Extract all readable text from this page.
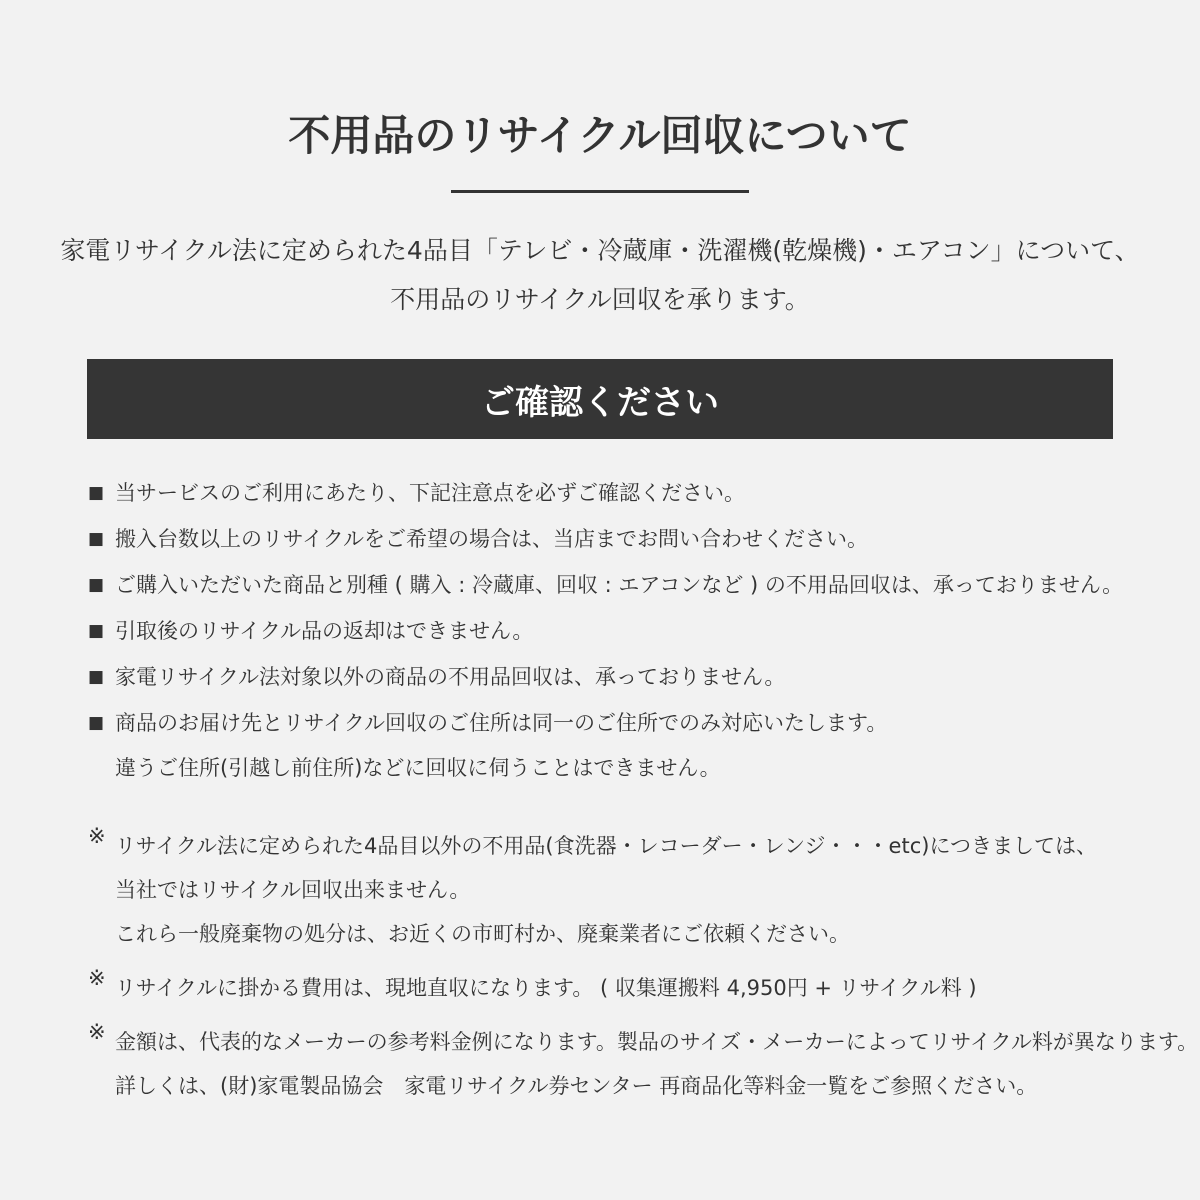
不用品のリサイクル回収について
家電リサイクル法に定められた4品目「テレビ・冷蔵庫・洗濯機(乾燥機)・エアコン」について、
不用品のリサイクル回収を承ります。
ご確認ください
■ 当サービスのご利用にあたり、下記注意点を必ずご確認ください。
■ 搬入台数以上のリサイクルをご希望の場合は、当店までお問い合わせください。
■ ご購入いただいた商品と別種 ( 購入 : 冷蔵庫、回収 : エアコンなど ) の不用品回収は、承っておりません。
■ 引取後のリサイクル品の返却はできません。
■ 家電リサイクル法対象以外の商品の不用品回収は、承っておりません。
■ 商品のお届け先とリサイクル回収のご住所は同一のご住所でのみ対応いたします。
違うご住所(引越し前住所)などに回収に伺うことはできません。
※ リサイクル法に定められた4品目以外の不用品(食洗器・レコーダー・レンジ・・・etc)につきましては、
当社ではリサイクル回収出来ません。
これら一般廃棄物の処分は、お近くの市町村か、廃棄業者にご依頼ください。
※ リサイクルに掛かる費用は、現地直収になります。 ( 収集運搬料 4,950円 + リサイクル料 )
※ 金額は、代表的なメーカーの参考料金例になります。製品のサイズ・メーカーによってリサイクル料が異なります。
詳しくは、(財)家電製品協会　家電リサイクル券センター 再商品化等料金一覧をご参照ください。
